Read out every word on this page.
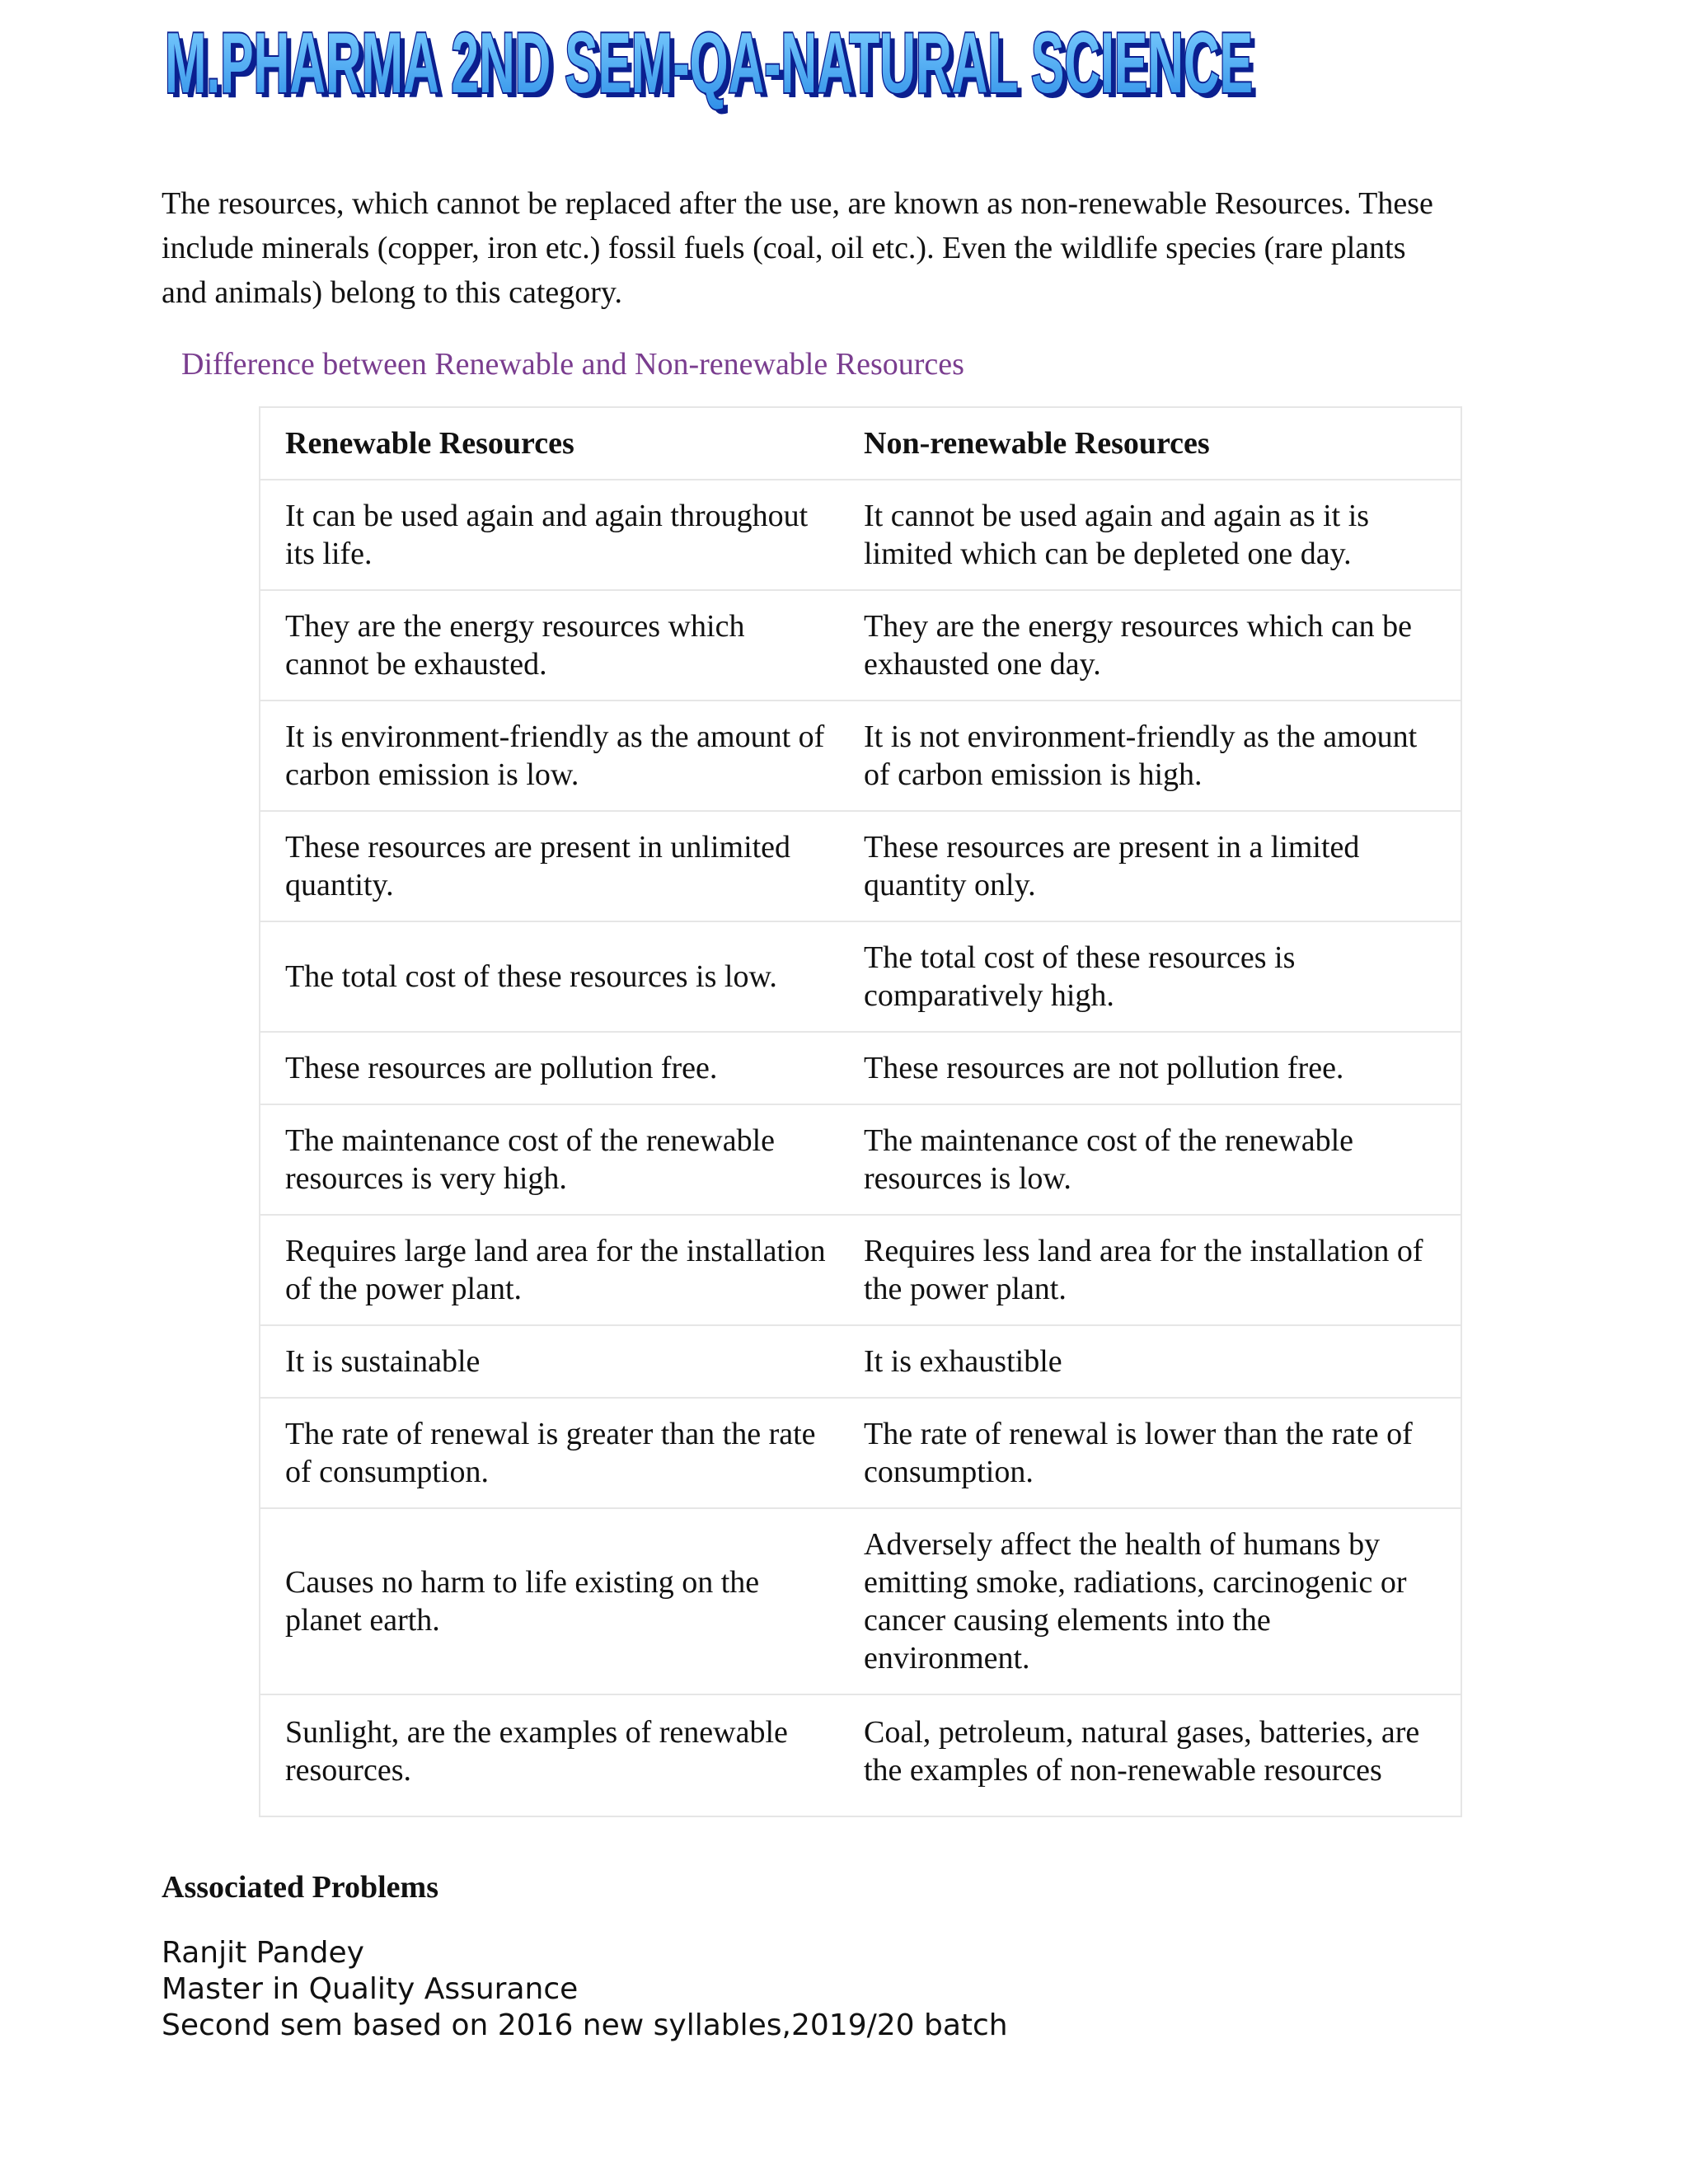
M.PHARMA 2ND SEM-QA-NATURAL SCIENCE
M.PHARMA 2ND SEM-QA-NATURAL SCIENCE

The resources, which cannot be replaced after the use, are known as non-renewable Resources. These include minerals (copper, iron etc.) fossil fuels (coal, oil etc.). Even the wildlife species (rare plants and animals) belong to this category.

Difference between Renewable and Non-renewable Resources
Renewable Resources	Non-renewable Resources
It can be used again and again throughout its life.	It cannot be used again and again as it is limited which can be depleted one day.
They are the energy resources which cannot be exhausted.	They are the energy resources which can be exhausted one day.
It is environment-friendly as the amount of carbon emission is low.	It is not environment-friendly as the amount of carbon emission is high.
These resources are present in unlimited quantity.	These resources are present in a limited quantity only.
The total cost of these resources is low.	The total cost of these resources is comparatively high.
These resources are pollution free.	These resources are not pollution free.
The maintenance cost of the renewable resources is very high.	The maintenance cost of the renewable resources is low.
Requires large land area for the installation of the power plant.	Requires less land area for the installation of the power plant.
It is sustainable	It is exhaustible
The rate of renewal is greater than the rate of consumption.	The rate of renewal is lower than the rate of consumption.
Causes no harm to life existing on the planet earth.	Adversely affect the health of humans by emitting smoke, radiations, carcinogenic or cancer causing elements into the environment.
Sunlight, are the examples of renewable resources.	Coal, petroleum, natural gases, batteries, are the examples of non-renewable resources

Associated Problems

Ranjit Pandey
Master in Quality Assurance
Second sem based on 2016 new syllables,2019/20 batch
